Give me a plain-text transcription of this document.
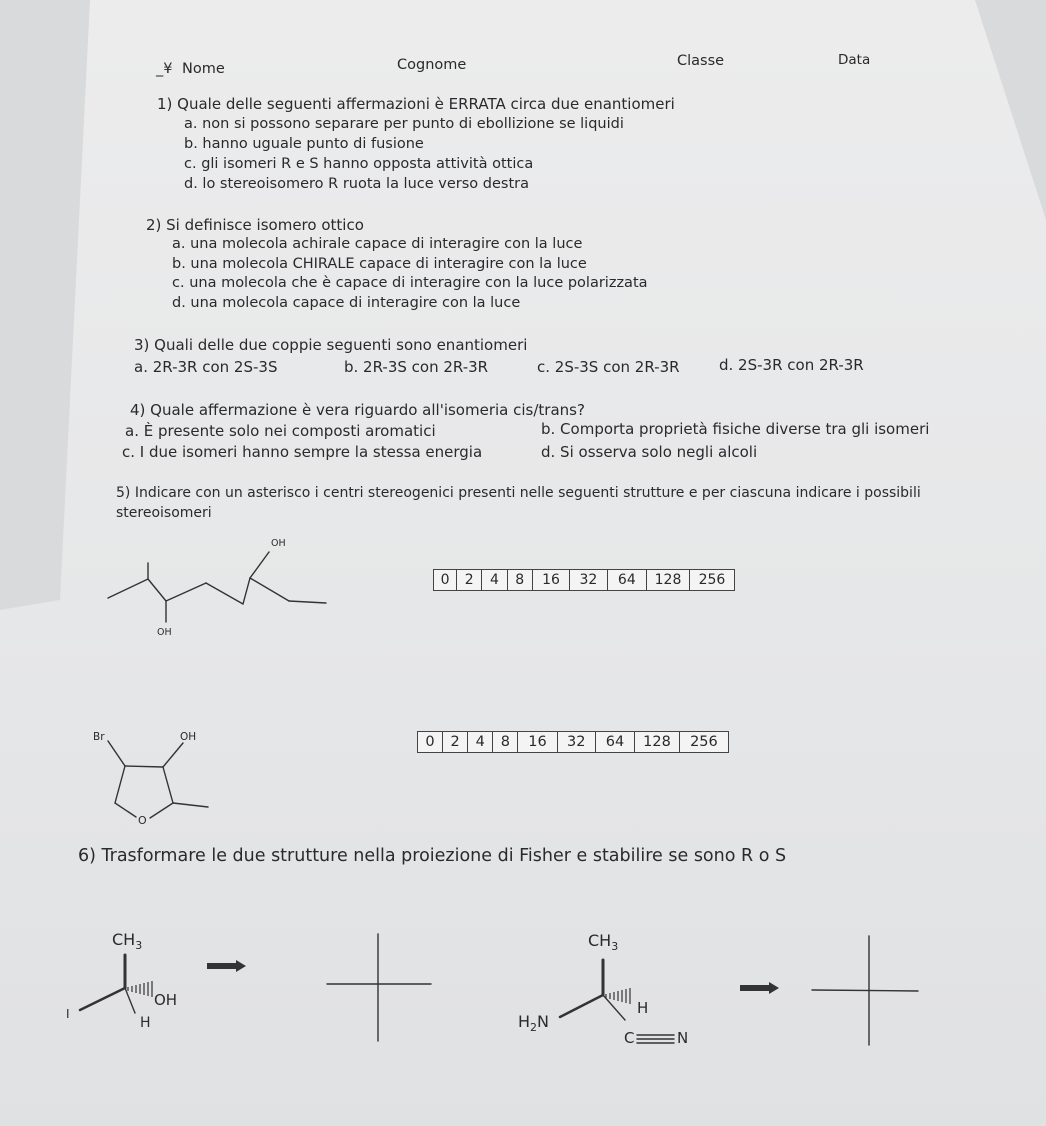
_¥ Nome	Cognome	Classe	Data
1) Quale delle seguenti affermazioni è ERRATA circa due enantiomeri
a. non si possono separare per punto di ebollizione se liquidi
b. hanno uguale punto di fusione
c. gli isomeri R e S hanno opposta attività ottica
d. lo stereoisomero R ruota la luce verso destra
2) Si definisce isomero ottico
a. una molecola achirale capace di interagire con la luce
b. una molecola CHIRALE capace di interagire con la luce
c. una molecola che è capace di interagire con la luce polarizzata
d. una molecola capace di interagire con la luce
3) Quali delle due coppie seguenti sono enantiomeri
a. 2R-3R con 2S-3S	b. 2R-3S con 2R-3R	c. 2S-3S con 2R-3R	d. 2S-3R con 2R-3R
4) Quale affermazione è vera riguardo all'isomeria cis/trans?
a. È presente solo nei composti aromatici	b. Comporta proprietà fisiche diverse tra gli isomeri
c. I due isomeri hanno sempre la stessa energia	d. Si osserva solo negli alcoli
5) Indicare con un asterisco i centri stereogenici presenti nelle seguenti strutture e per ciascuna indicare i possibili
stereoisomeri
0	2	4	8	16	32	64	128	256
0	2	4	8	16	32	64	128	256
6) Trasformare le due strutture nella proiezione di Fisher e stabilire se sono R o S
OH
OH
Br	OH
O
$CH_3$
OH
H
I
$CH_3$
H
$H_2N$
C	N
